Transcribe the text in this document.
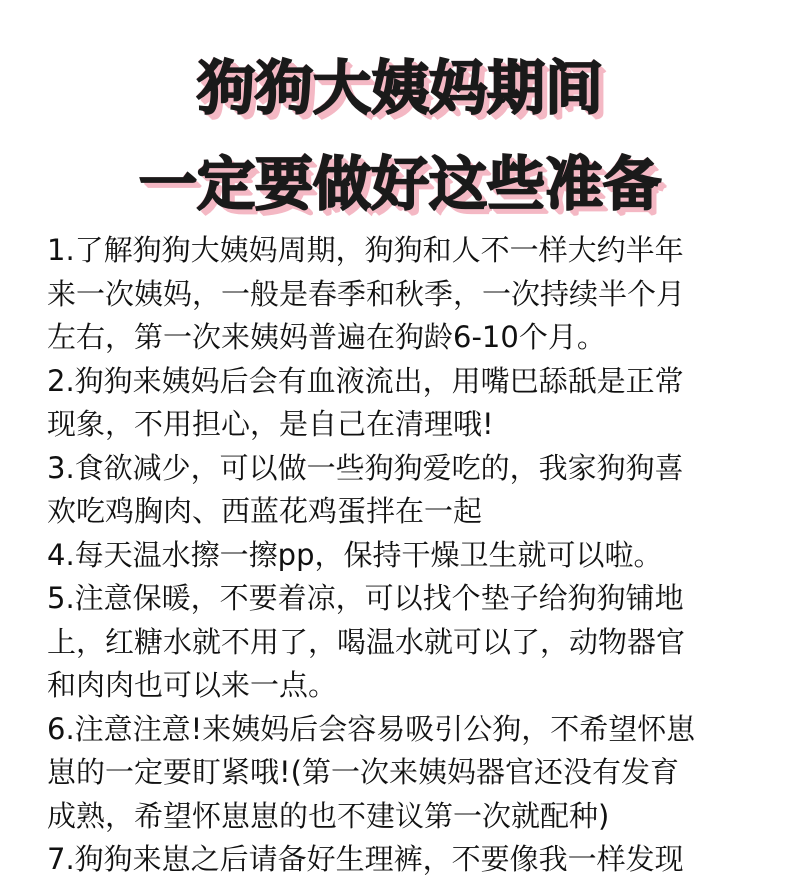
狗狗大姨妈期间
一定要做好这些准备
1.了解狗狗大姨妈周期，狗狗和人不一样大约半年
来一次姨妈，一般是春季和秋季，一次持续半个月
左右，第一次来姨妈普遍在狗龄6-10个月。
2.狗狗来姨妈后会有血液流出，用嘴巴舔舐是正常
现象，不用担心，是自己在清理哦!
3.食欲减少，可以做一些狗狗爱吃的，我家狗狗喜
欢吃鸡胸肉、西蓝花鸡蛋拌在一起
4.每天温水擦一擦pp，保持干燥卫生就可以啦。
5.注意保暖，不要着凉，可以找个垫子给狗狗铺地
上，红糖水就不用了，喝温水就可以了，动物器官
和肉肉也可以来一点。
6.注意注意!来姨妈后会容易吸引公狗，不希望怀崽
崽的一定要盯紧哦!(第一次来姨妈器官还没有发育
成熟，希望怀崽崽的也不建议第一次就配种)
7.狗狗来崽之后请备好生理裤，不要像我一样发现
